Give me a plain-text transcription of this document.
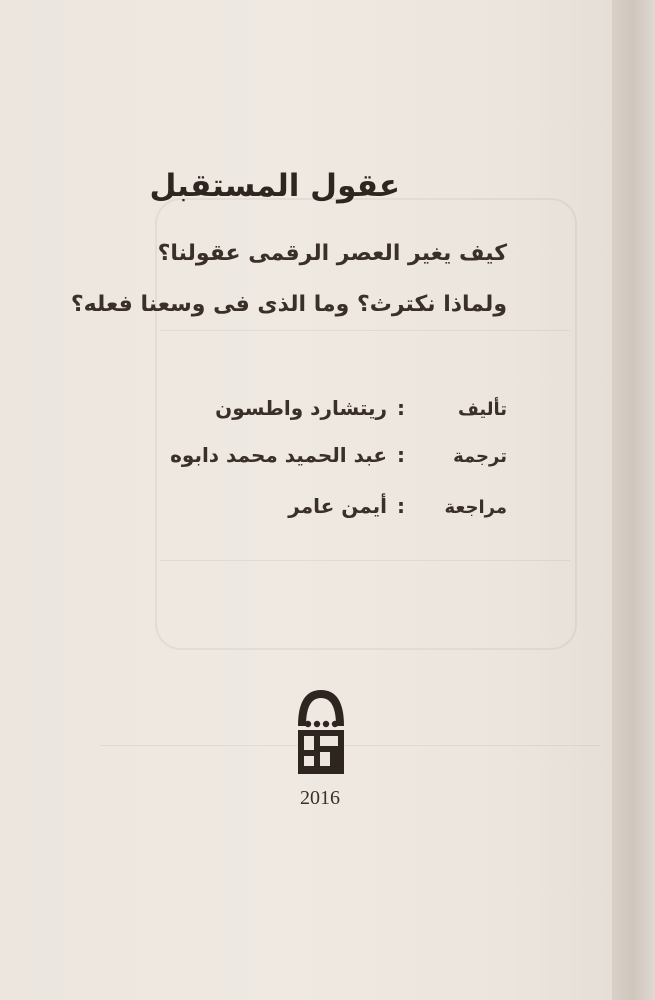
عقول المستقبل
كيف يغير العصر الرقمى عقولنا؟
ولماذا نكترث؟ وما الذى فى وسعنا فعله؟
تأليف
:
ريتشارد واطسون
ترجمة
:
عبد الحميد محمد دابوه
مراجعة
:
أيمن عامر
2016
